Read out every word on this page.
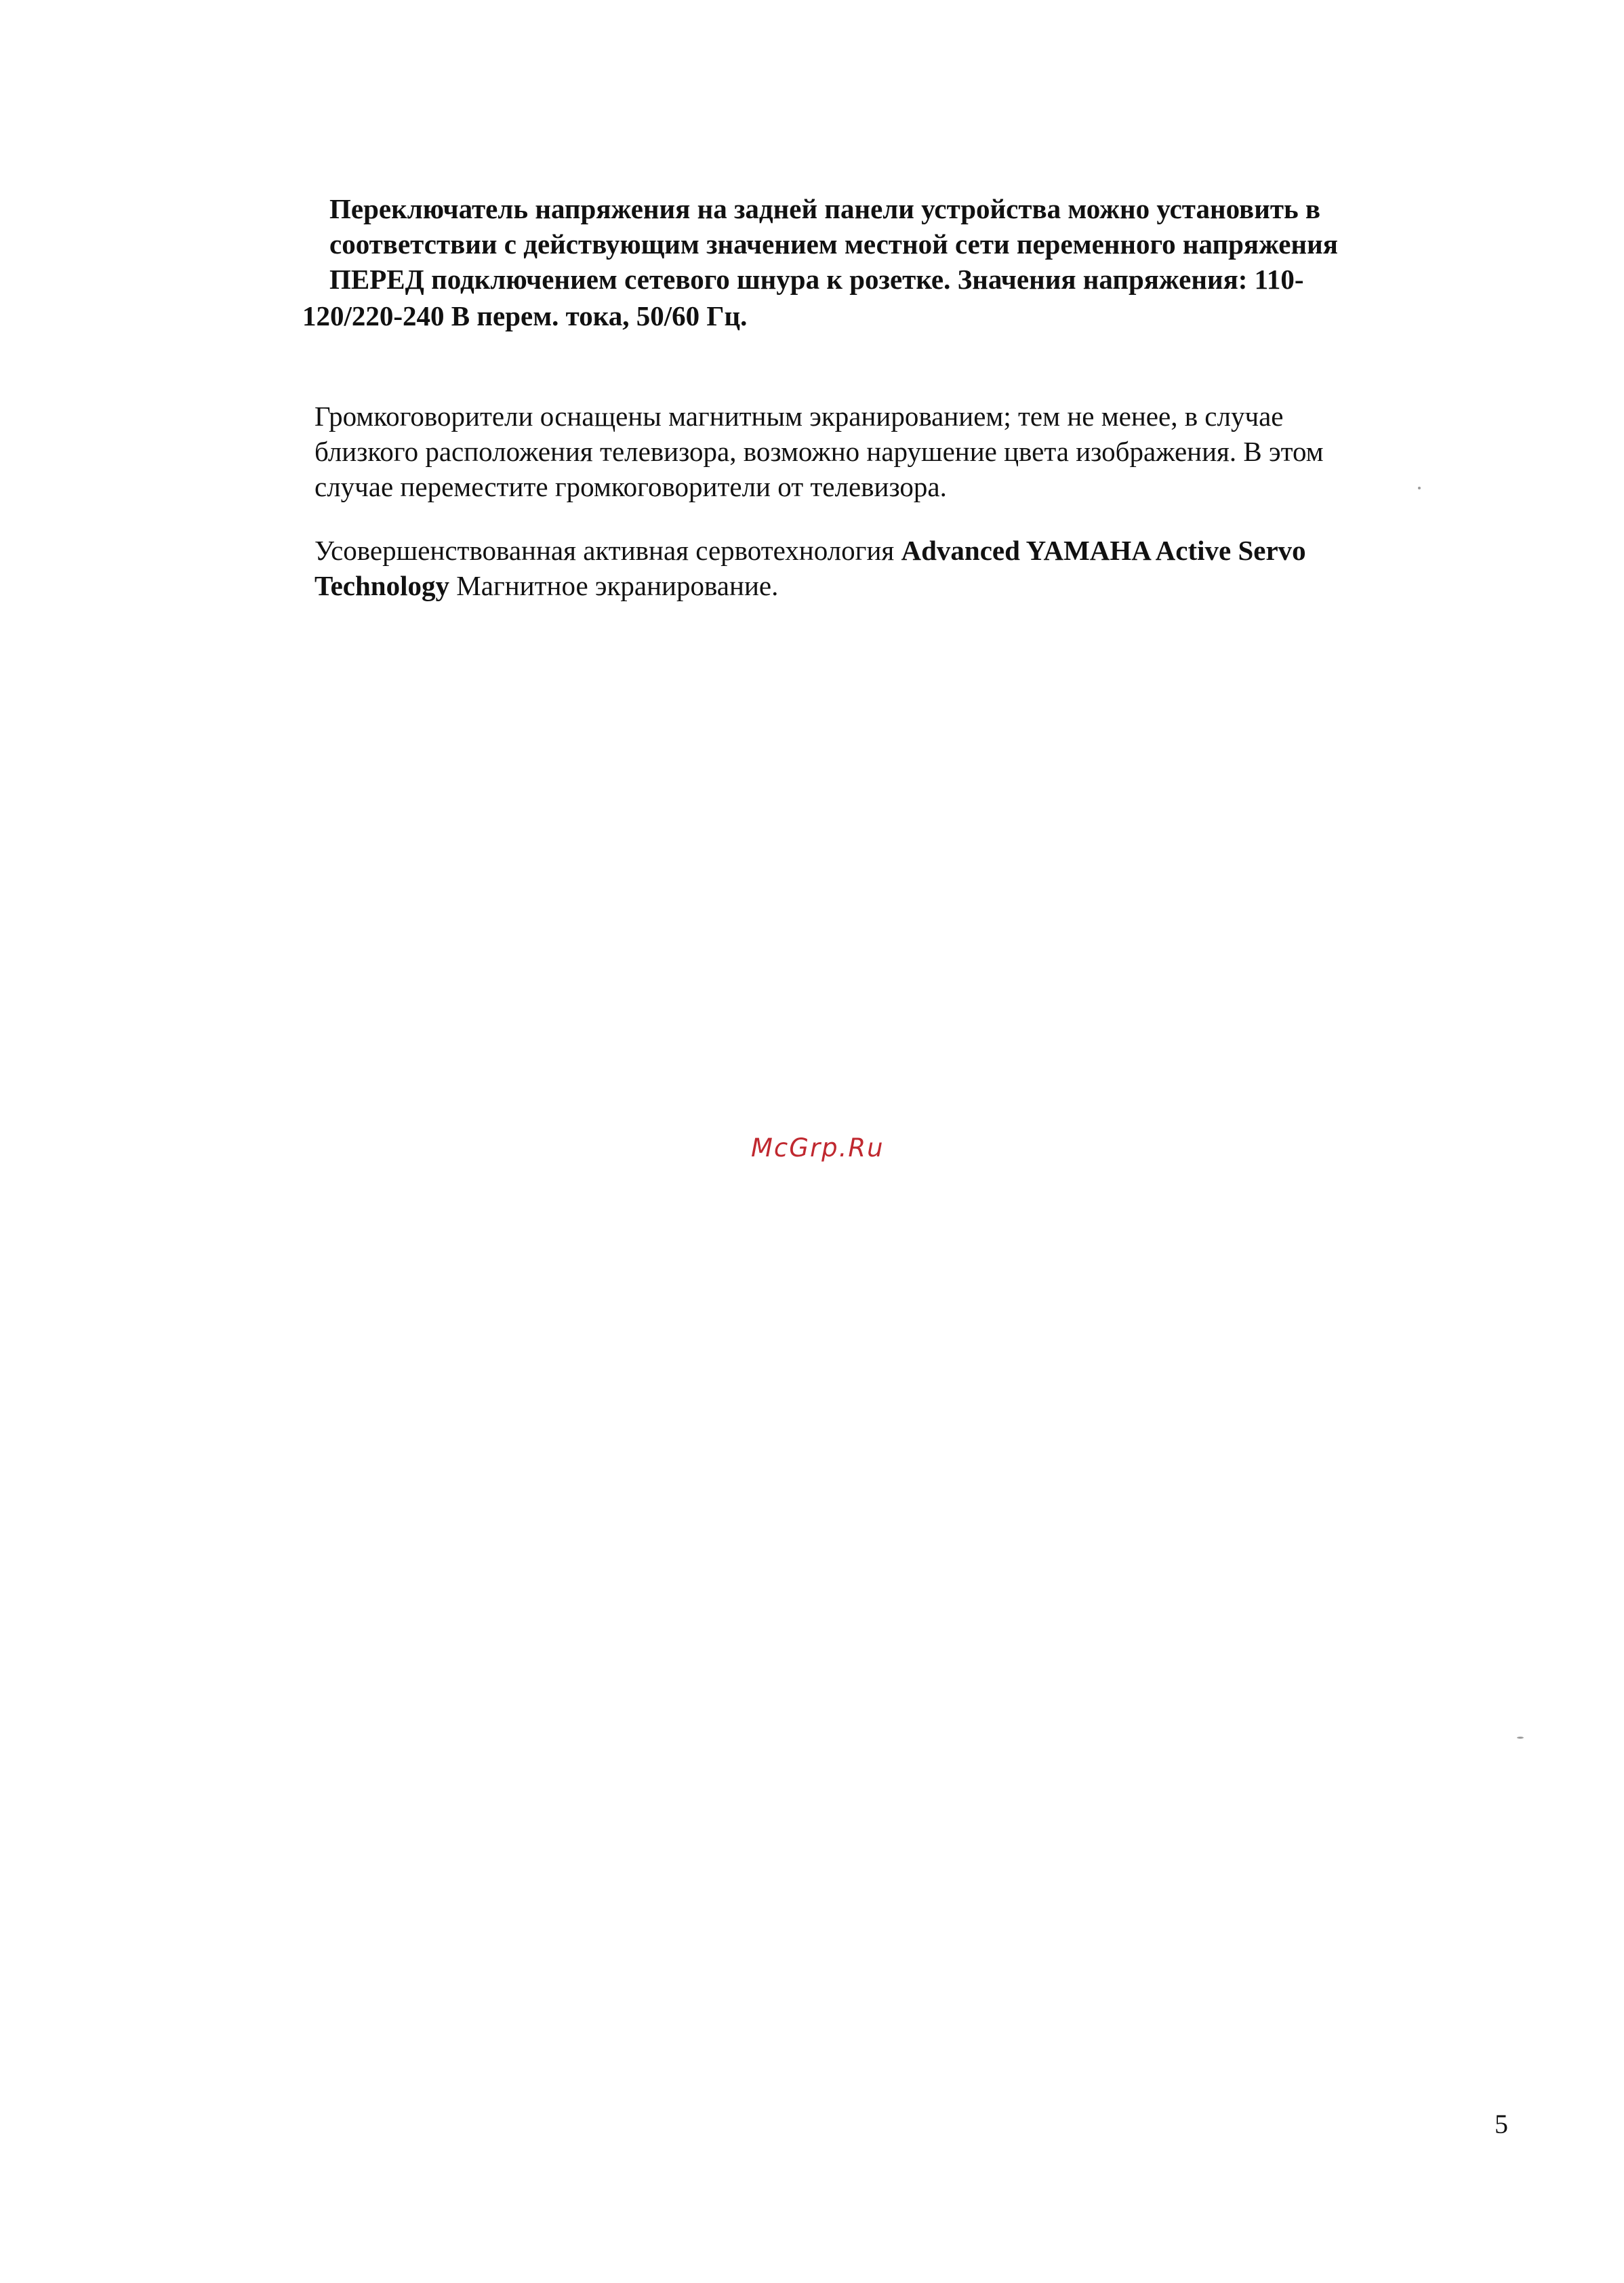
Переключатель напряжения на задней панели устройства можно установить в

соответствии с действующим значением местной сети переменного напряжения

ПЕРЕД подключением сетевого шнура к розетке. Значения напряжения: 110-

120/220-240 В перем. тока, 50/60 Гц.

Громкоговорители оснащены магнитным экранированием; тем не менее, в случае

близкого расположения телевизора, возможно нарушение цвета изображения. В этом

случае переместите громкоговорители от телевизора.

Усовершенствованная активная сервотехнология Advanced YAMAHA Active Servo

Technology Магнитное экранирование.

McGrp.Ru
5
